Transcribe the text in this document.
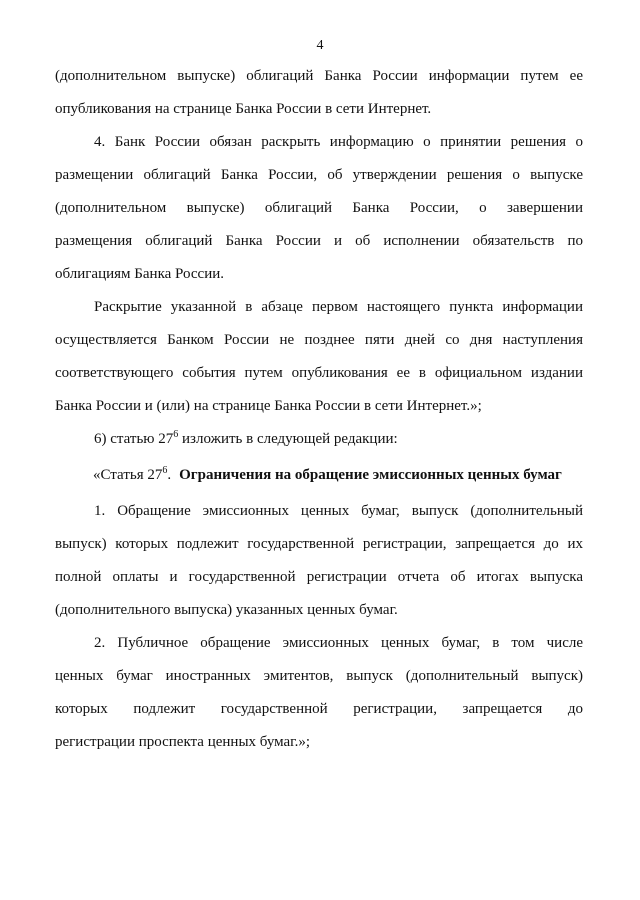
4

(дополнительном выпуске) облигаций Банка России информации путем ее

опубликования на странице Банка России в сети Интернет.

4. Банк России обязан раскрыть информацию о принятии решения о

размещении облигаций Банка России, об утверждении решения о выпуске

(дополнительном выпуске) облигаций Банка России, о завершении

размещения облигаций Банка России и об исполнении обязательств по

облигациям Банка России.

Раскрытие указанной в абзаце первом настоящего пункта информации

осуществляется Банком России не позднее пяти дней со дня наступления

соответствующего события путем опубликования ее в официальном издании

Банка России и (или) на странице Банка России в сети Интернет.»;

6) статью $27^6$ изложить в следующей редакции:

«Статья $27^6$. Ограничения на обращение эмиссионных ценных бумаг

1. Обращение эмиссионных ценных бумаг, выпуск (дополнительный

выпуск) которых подлежит государственной регистрации, запрещается до их

полной оплаты и государственной регистрации отчета об итогах выпуска

(дополнительного выпуска) указанных ценных бумаг.

2. Публичное обращение эмиссионных ценных бумаг, в том числе

ценных бумаг иностранных эмитентов, выпуск (дополнительный выпуск)

которых подлежит государственной регистрации, запрещается до

регистрации проспекта ценных бумаг.»;
